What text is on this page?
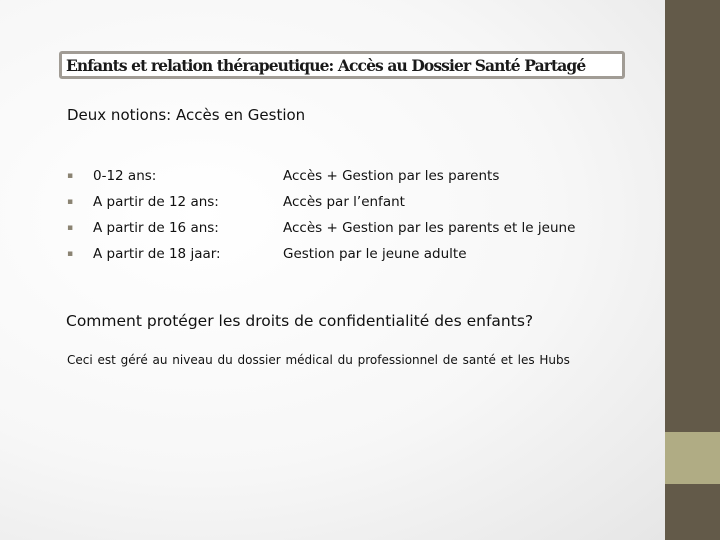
Enfants et relation thérapeutique: Accès au Dossier Santé Partagé
Deux notions: Accès en Gestion
▪	0-12 ans:	Accès + Gestion par les parents
▪	A partir de 12 ans:	Accès par l’enfant
▪	A partir de 16 ans:	Accès + Gestion par les parents et le jeune
▪	A partir de 18 jaar:	Gestion par le jeune adulte
Comment protéger les droits de confidentialité des enfants?
Ceci est géré au niveau du dossier médical du professionnel de santé et les Hubs
